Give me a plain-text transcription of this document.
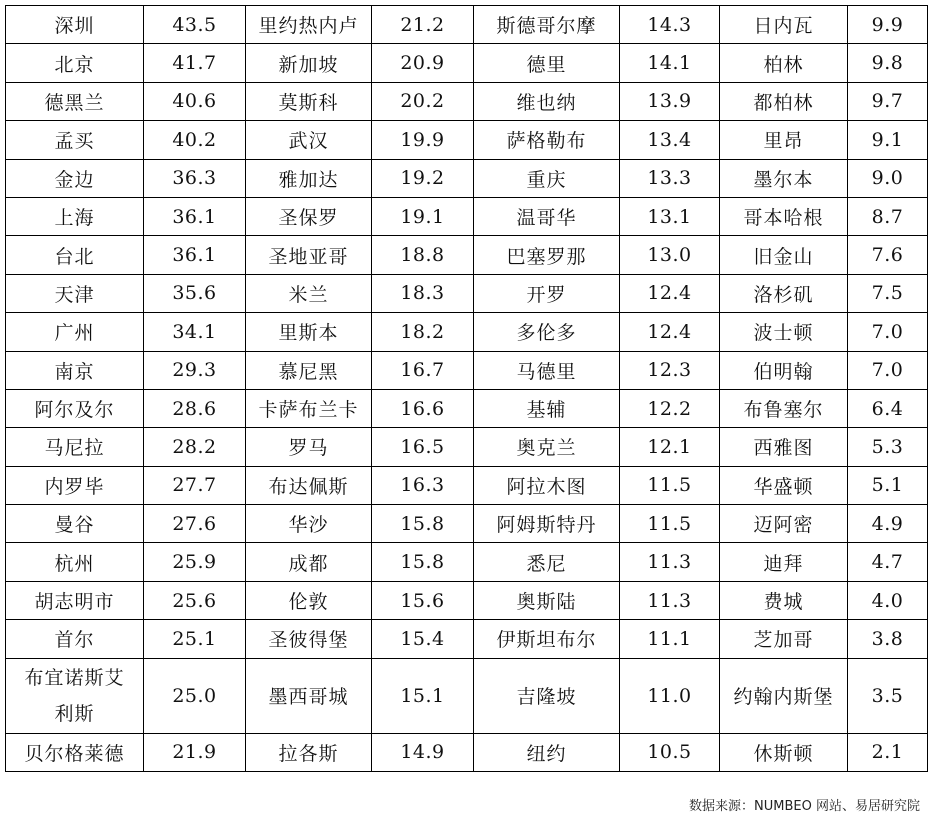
深圳	43.5	里约热内卢	21.2	斯德哥尔摩	14.3	日内瓦	9.9
北京	41.7	新加坡	20.9	德里	14.1	柏林	9.8
德黑兰	40.6	莫斯科	20.2	维也纳	13.9	都柏林	9.7
孟买	40.2	武汉	19.9	萨格勒布	13.4	里昂	9.1
金边	36.3	雅加达	19.2	重庆	13.3	墨尔本	9.0
上海	36.1	圣保罗	19.1	温哥华	13.1	哥本哈根	8.7
台北	36.1	圣地亚哥	18.8	巴塞罗那	13.0	旧金山	7.6
天津	35.6	米兰	18.3	开罗	12.4	洛杉矶	7.5
广州	34.1	里斯本	18.2	多伦多	12.4	波士顿	7.0
南京	29.3	慕尼黑	16.7	马德里	12.3	伯明翰	7.0
阿尔及尔	28.6	卡萨布兰卡	16.6	基辅	12.2	布鲁塞尔	6.4
马尼拉	28.2	罗马	16.5	奥克兰	12.1	西雅图	5.3
内罗毕	27.7	布达佩斯	16.3	阿拉木图	11.5	华盛顿	5.1
曼谷	27.6	华沙	15.8	阿姆斯特丹	11.5	迈阿密	4.9
杭州	25.9	成都	15.8	悉尼	11.3	迪拜	4.7
胡志明市	25.6	伦敦	15.6	奥斯陆	11.3	费城	4.0
首尔	25.1	圣彼得堡	15.4	伊斯坦布尔	11.1	芝加哥	3.8
布宜诺斯艾利斯	25.0	墨西哥城	15.1	吉隆坡	11.0	约翰内斯堡	3.5
贝尔格莱德	21.9	拉各斯	14.9	纽约	10.5	休斯顿	2.1
数据来源：NUMBEO 网站、易居研究院
